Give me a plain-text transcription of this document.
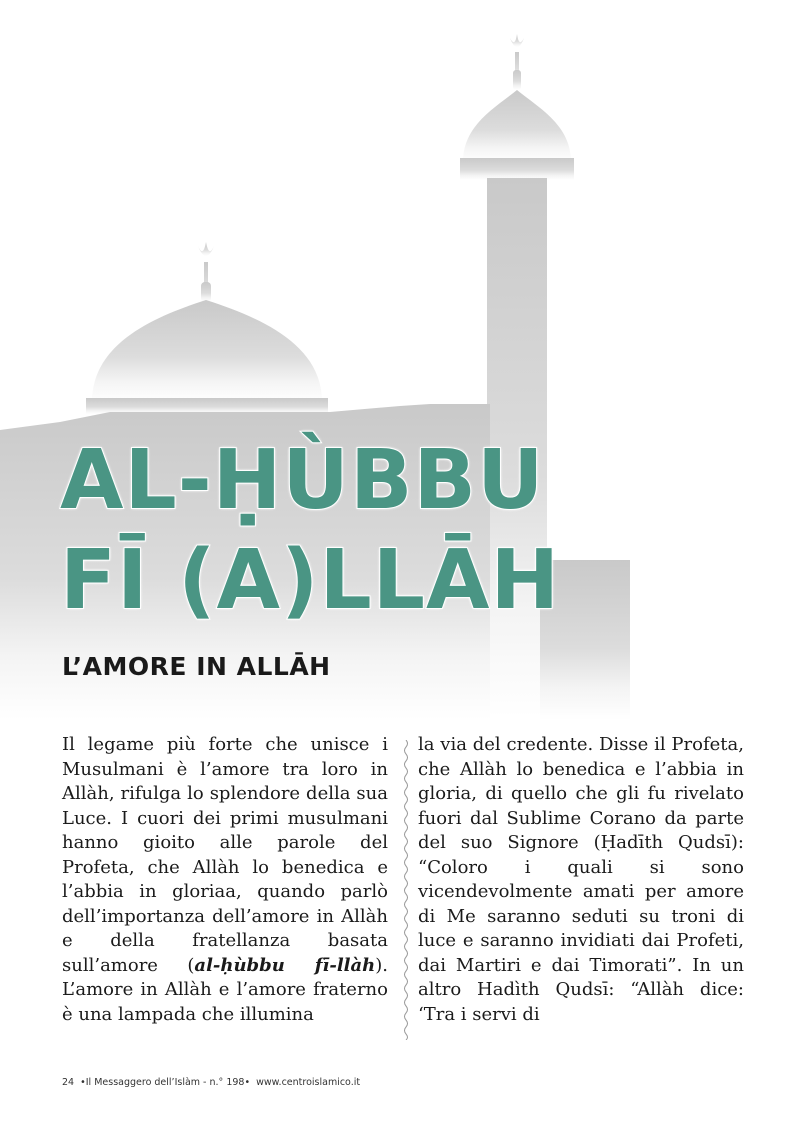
AL-ḤÙBBU
FĪ (A)LLĀH
L’AMORE IN ALLĀH
Il legame più forte che unisce i Musulmani è l’amore tra loro in Allàh, rifulga lo splendore della sua Luce. I cuori dei primi musulmani hanno gioito alle parole del Profeta, che Allàh lo benedica e l’abbia in gloriaa, quando parlò dell’importanza dell’amore in Allàh e della fratellanza basata sull’amore (al-ḥùbbu fī-llàh). L’amore in Allàh e l’amore fraterno è una lampada che illumina
la via del credente. Disse il Profeta, che Allàh lo benedica e l’abbia in gloria, di quello che gli fu rivelato fuori dal Sublime Corano da parte del suo Signore (Ḥadīth Qudsī): “Coloro i quali si sono vicendevolmente amati per amore di Me saranno seduti su troni di luce e saranno invidiati dai Profeti, dai Martiri e dai Timorati”. In un altro Hadìth Qudsī: “Allàh dice: ‘Tra i servi di
24 •Il Messaggero dell’Islàm - n.° 198• www.centroislamico.it
